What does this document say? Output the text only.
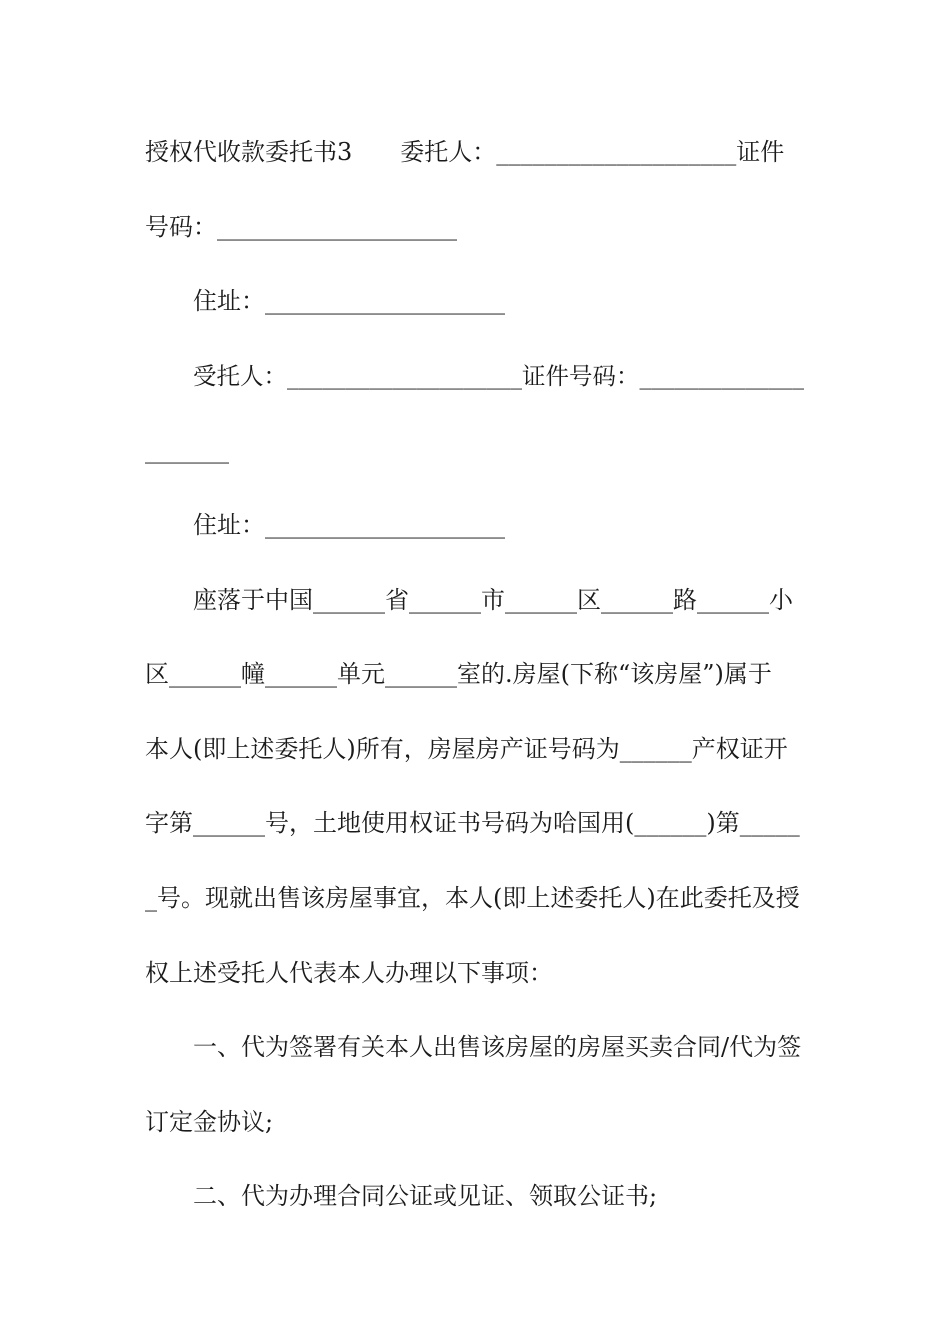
授权代收款委托书3　　委托人：____________________证件
号码：____________________
住址：____________________
受托人：____________________证件号码：______________
_______
住址：____________________
座落于中国______省______市______区______路______小
区______幢______单元______室的.房屋(下称“该房屋”)属于
本人(即上述委托人)所有，房屋房产证号码为______产权证开
字第______号，土地使用权证书号码为哈国用(______)第_____
_号。现就出售该房屋事宜，本人(即上述委托人)在此委托及授
权上述受托人代表本人办理以下事项：
一、代为签署有关本人出售该房屋的房屋买卖合同/代为签
订定金协议;
二、代为办理合同公证或见证、领取公证书;
